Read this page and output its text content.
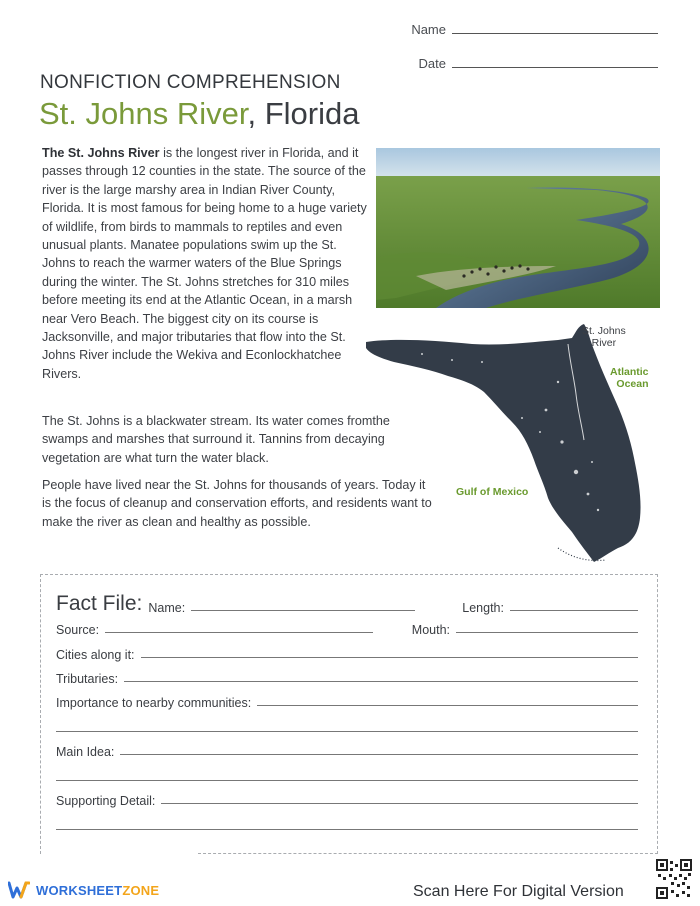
Name
Date
NONFICTION COMPREHENSION
St. Johns River, Florida

The St. Johns River is the longest river in Florida, and it passes through 12 counties in the state. The source of the river is the large marshy area in Indian River County, Florida. It is most famous for being home to a huge variety of wildlife, from birds to mammals to reptiles and even unusual plants. Manatee populations swim up the St. Johns to reach the warmer waters of the Blue Springs during the winter. The St. Johns stretches for 310 miles before meeting its end at the Atlantic Ocean, in a marsh near Vero Beach. The biggest city on its course is Jacksonville, and major tributaries that flow into the St. Johns River include the Wekiva and Econlockhatchee Rivers.

The St. Johns is a blackwater stream. Its water comes fromthe swamps and marshes that surround it. Tannins from decaying vegetation are what turn the water black.
People have lived near the St. Johns for thousands of years. Today it is the focus of cleanup and conservation efforts, and residents want to make the river as clean and healthy as possible.
St. Johns
River
Atlantic
Ocean
Gulf of Mexico
Fact File: Name:	Length:
Source:	Mouth:
Cities along it:
Tributaries:
Importance to nearby communities:
Main Idea:
Supporting Detail:
WORKSHEETZONE	Scan Here For Digital Version
